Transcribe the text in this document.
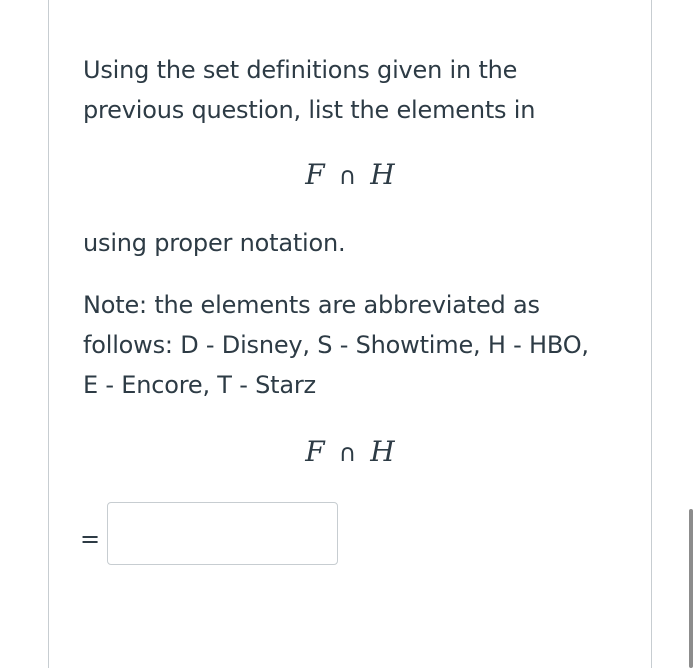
Using the set definitions given in the
previous question, list the elements in

F ∩ H

using proper notation.

Note: the elements are abbreviated as
follows: D - Disney, S - Showtime, H - HBO,
E - Encore, T - Starz

F ∩ H
=
